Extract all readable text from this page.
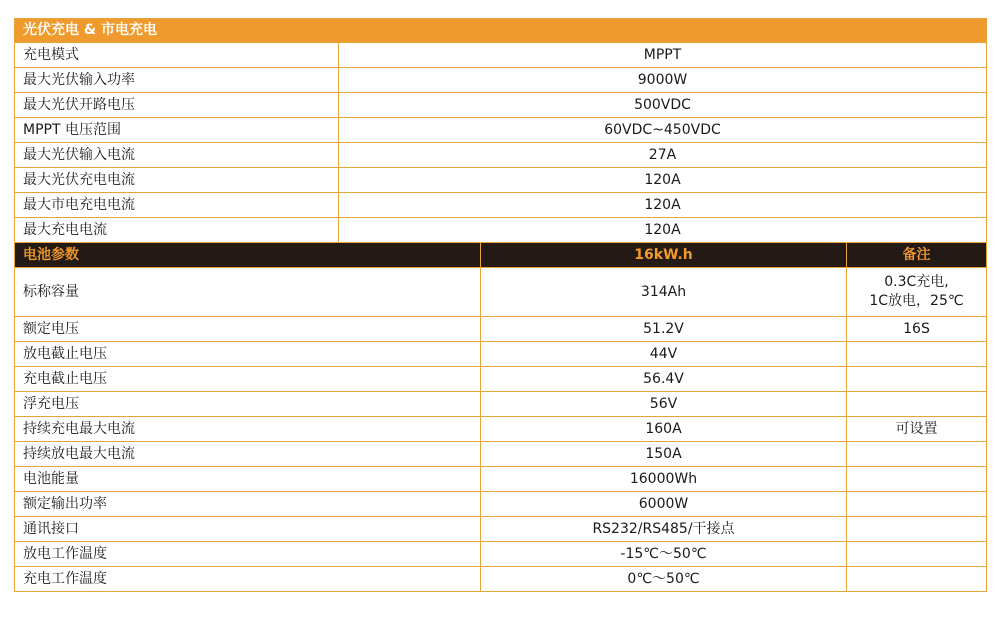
光伏充电 & 市电充电	
充电模式	MPPT
最大光伏输入功率	9000W
最大光伏开路电压	500VDC
MPPT 电压范围	60VDC~450VDC
最大光伏输入电流	27A
最大光伏充电电流	120A
最大市电充电电流	120A
最大充电电流	120A
电池参数	16kW.h	备注
标称容量	314Ah	0.3C充电,
1C放电，25℃

额定电压	51.2V	16S
放电截止电压	44V	
充电截止电压	56.4V	
浮充电压	56V	
持续充电最大电流	160A	可设置
持续放电最大电流	150A	
电池能量	16000Wh	
额定输出功率	6000W	
通讯接口	RS232/RS485/干接点	
放电工作温度	-15℃～50℃	
充电工作温度	0℃～50℃	
